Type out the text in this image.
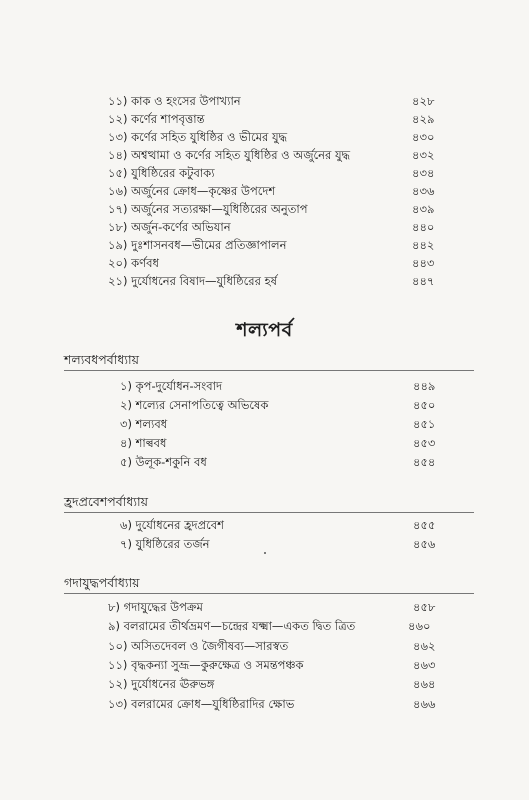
১১) কাক ও হংসের উপাখ্যান	৪২৮
১২) কর্ণের শাপবৃত্তান্ত	৪২৯
১৩) কর্ণের সহিত যুধিষ্ঠির ও ভীমের যুদ্ধ	৪৩০
১৪) অশ্বত্থামা ও কর্ণের সহিত যুধিষ্ঠির ও অর্জুনের যুদ্ধ	৪৩২
১৫) যুধিষ্ঠিরের কটুবাক্য	৪৩৪
১৬) অর্জুনের ক্রোধ—কৃষ্ণের উপদেশ	৪৩৬
১৭) অর্জুনের সত্যরক্ষা—যুধিষ্ঠিরের অনুতাপ	৪৩৯
১৮) অর্জুন-কর্ণের অভিযান	৪৪০
১৯) দুঃশাসনবধ—ভীমের প্রতিজ্ঞাপালন	৪৪২
২০) কর্ণবধ	৪৪৩
২১) দুর্যোধনের বিষাদ—যুধিষ্ঠিরের হর্ষ	৪৪৭
শল্যপর্ব
শল্যবধপর্বাধ্যায়
১) কৃপ-দুর্যোধন-সংবাদ	৪৪৯
২) শল্যের সেনাপতিত্বে অভিষেক	৪৫০
৩) শল্যবধ	৪৫১
৪) শাল্ববধ	৪৫৩
৫) উলূক-শকুনি বধ	৪৫৪
হ্রদপ্রবেশপর্বাধ্যায়
৬) দুর্যোধনের হ্রদপ্রবেশ	৪৫৫
৭) যুধিষ্ঠিরের তর্জন	৪৫৬
গদাযুদ্ধপর্বাধ্যায়
৮) গদাযুদ্ধের উপক্রম	৪৫৮
৯) বলরামের তীর্থভ্রমণ—চন্দ্রের যক্ষ্মা—একত দ্বিত ত্রিত	৪৬০
১০) অসিতদেবল ও জৈগীষব্য—সারস্বত	৪৬২
১১) বৃদ্ধকন্যা সুভ্রূ—কুরুক্ষেত্র ও সমন্তপঞ্চক	৪৬৩
১২) দুর্যোধনের ঊরুভঙ্গ	৪৬৪
১৩) বলরামের ক্রোধ—যুধিষ্ঠিরাদির ক্ষোভ	৪৬৬
